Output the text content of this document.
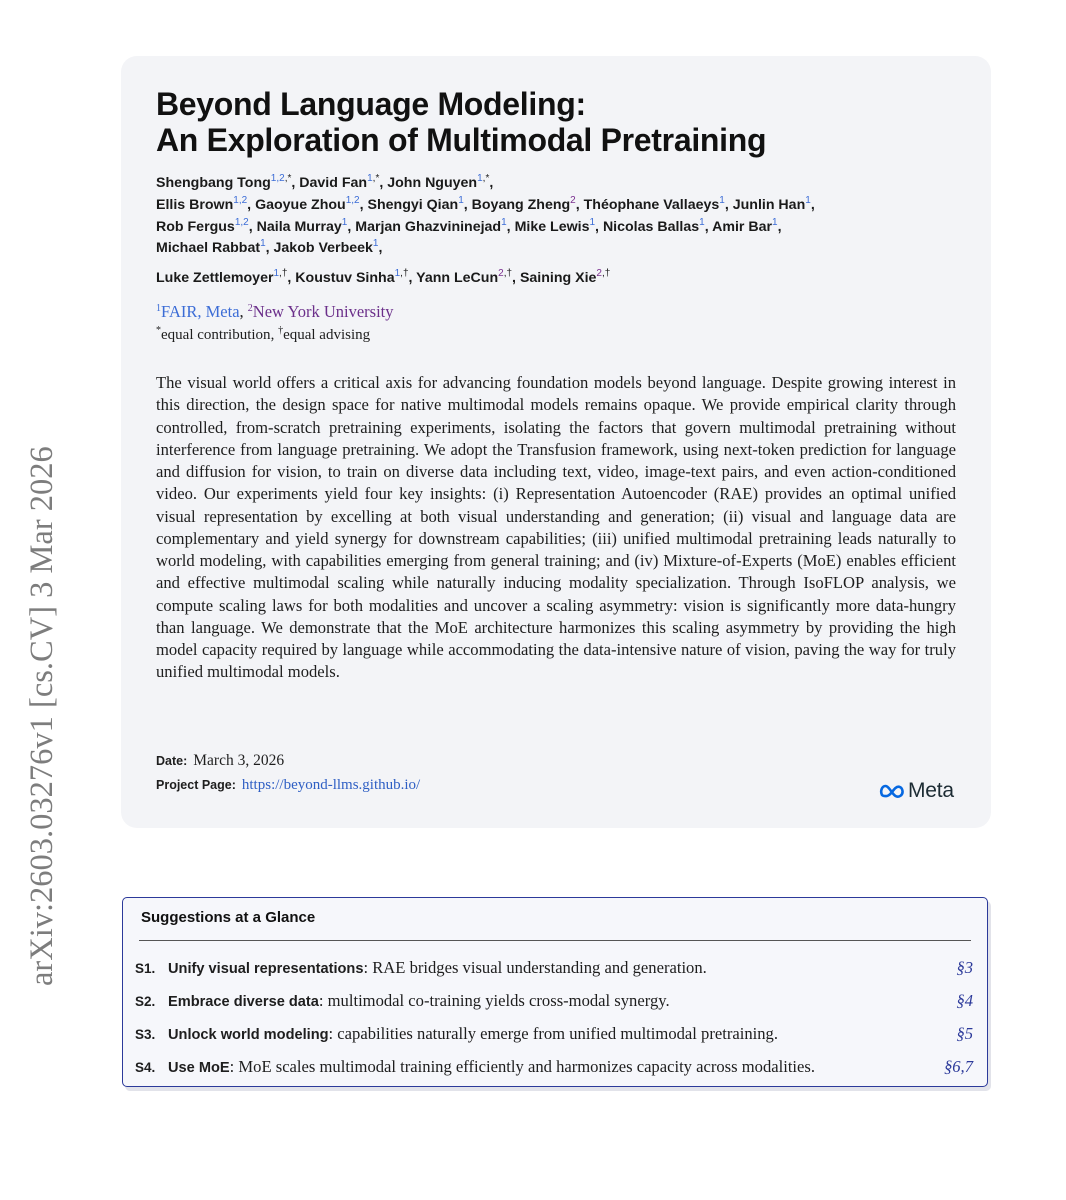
arXiv:2603.03276v1 [cs.CV] 3 Mar 2026
Beyond Language Modeling:
An Exploration of Multimodal Pretraining
Shengbang Tong$^{1,2,*}$, David Fan$^{1,*}$, John Nguyen$^{1,*}$,
Ellis Brown$^{1,2}$, Gaoyue Zhou$^{1,2}$, Shengyi Qian$^1$, Boyang Zheng$^2$, Théophane Vallaeys$^1$, Junlin Han$^1$,
Rob Fergus$^{1,2}$, Naila Murray$^1$, Marjan Ghazvininejad$^1$, Mike Lewis$^1$, Nicolas Ballas$^1$, Amir Bar$^1$,
Michael Rabbat$^1$, Jakob Verbeek$^1$,
Luke Zettlemoyer$^{1,\dagger}$, Koustuv Sinha$^{1,\dagger}$, Yann LeCun$^{2,\dagger}$, Saining Xie$^{2,\dagger}$
$^1$FAIR, Meta, $^2$New York University
*equal contribution, †equal advising

The visual world offers a critical axis for advancing foundation models beyond language. Despite growing interest in this direction, the design space for native multimodal models remains opaque. We provide empirical clarity through controlled, from-scratch pretraining experiments, isolating the factors that govern multimodal pretraining without interference from language pretraining. We adopt the Transfusion framework, using next-token prediction for language and diffusion for vision, to train on diverse data including text, video, image-text pairs, and even action-conditioned video. Our experiments yield four key insights: (i) Representation Autoencoder (RAE) provides an optimal unified visual representation by excelling at both visual understanding and generation; (ii) visual and language data are complementary and yield synergy for downstream capabilities; (iii) unified multimodal pretraining leads naturally to world modeling, with capabilities emerging from general training; and (iv) Mixture-of-Experts (MoE) enables efficient and effective multimodal scaling while naturally inducing modality specialization. Through IsoFLOP analysis, we compute scaling laws for both modalities and uncover a scaling asymmetry: vision is significantly more data-hungry than language. We demonstrate that the MoE architecture harmonizes this scaling asymmetry by providing the high model capacity required by language while accommodating the data-intensive nature of vision, paving the way for truly unified multimodal models.

Date: March 3, 2026
Project Page: https://beyond-llms.github.io/	Meta
Suggestions at a Glance
S1. Unify visual representations: RAE bridges visual understanding and generation.	§3
S2. Embrace diverse data: multimodal co-training yields cross-modal synergy.	§4
S3. Unlock world modeling: capabilities naturally emerge from unified multimodal pretraining.	§5
S4. Use MoE: MoE scales multimodal training efficiently and harmonizes capacity across modalities.	§6,7
